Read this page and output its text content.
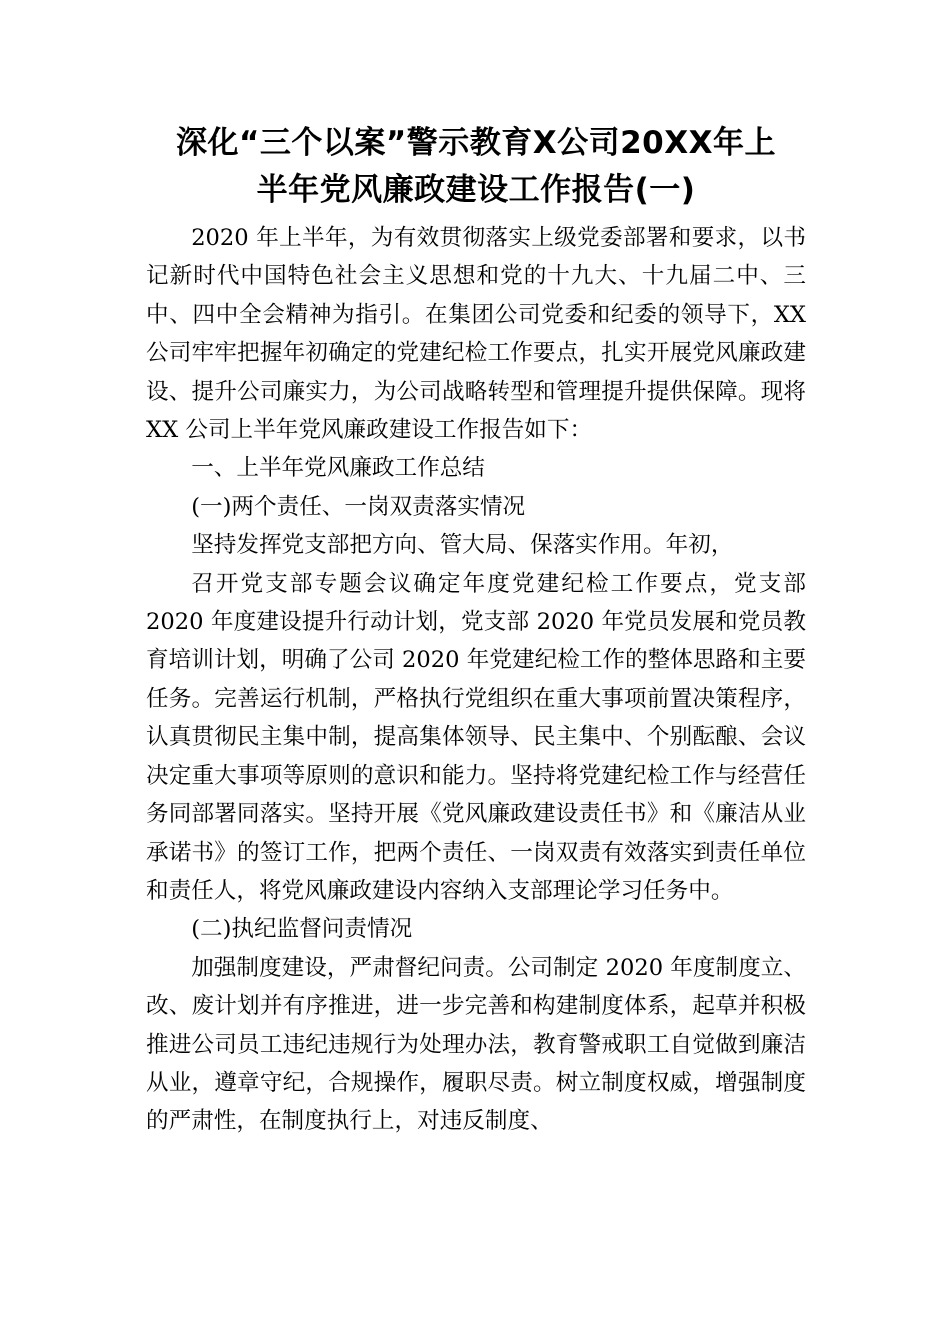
深化“三个以案”警示教育X公司20XX年上
半年党风廉政建设工作报告(一)

2020 年上半年，为有效贯彻落实上级党委部署和要求，以书记新时代中国特色社会主义思想和党的十九大、十九届二中、三中、四中全会精神为指引。在集团公司党委和纪委的领导下，XX 公司牢牢把握年初确定的党建纪检工作要点，扎实开展党风廉政建设、提升公司廉实力，为公司战略转型和管理提升提供保障。现将 XX 公司上半年党风廉政建设工作报告如下：

一、上半年党风廉政工作总结

(一)两个责任、一岗双责落实情况

坚持发挥党支部把方向、管大局、保落实作用。年初，

召开党支部专题会议确定年度党建纪检工作要点，党支部2020 年度建设提升行动计划，党支部 2020 年党员发展和党员教育培训计划，明确了公司 2020 年党建纪检工作的整体思路和主要任务。完善运行机制，严格执行党组织在重大事项前置决策程序，认真贯彻民主集中制，提高集体领导、民主集中、个别酝酿、会议决定重大事项等原则的意识和能力。坚持将党建纪检工作与经营任务同部署同落实。坚持开展《党风廉政建设责任书》和《廉洁从业承诺书》的签订工作，把两个责任、一岗双责有效落实到责任单位和责任人，将党风廉政建设内容纳入支部理论学习任务中。

(二)执纪监督问责情况

加强制度建设，严肃督纪问责。公司制定 2020 年度制度立、改、废计划并有序推进，进一步完善和构建制度体系，起草并积极推进公司员工违纪违规行为处理办法，教育警戒职工自觉做到廉洁从业，遵章守纪，合规操作，履职尽责。树立制度权威，增强制度的严肃性，在制度执行上，对违反制度、
